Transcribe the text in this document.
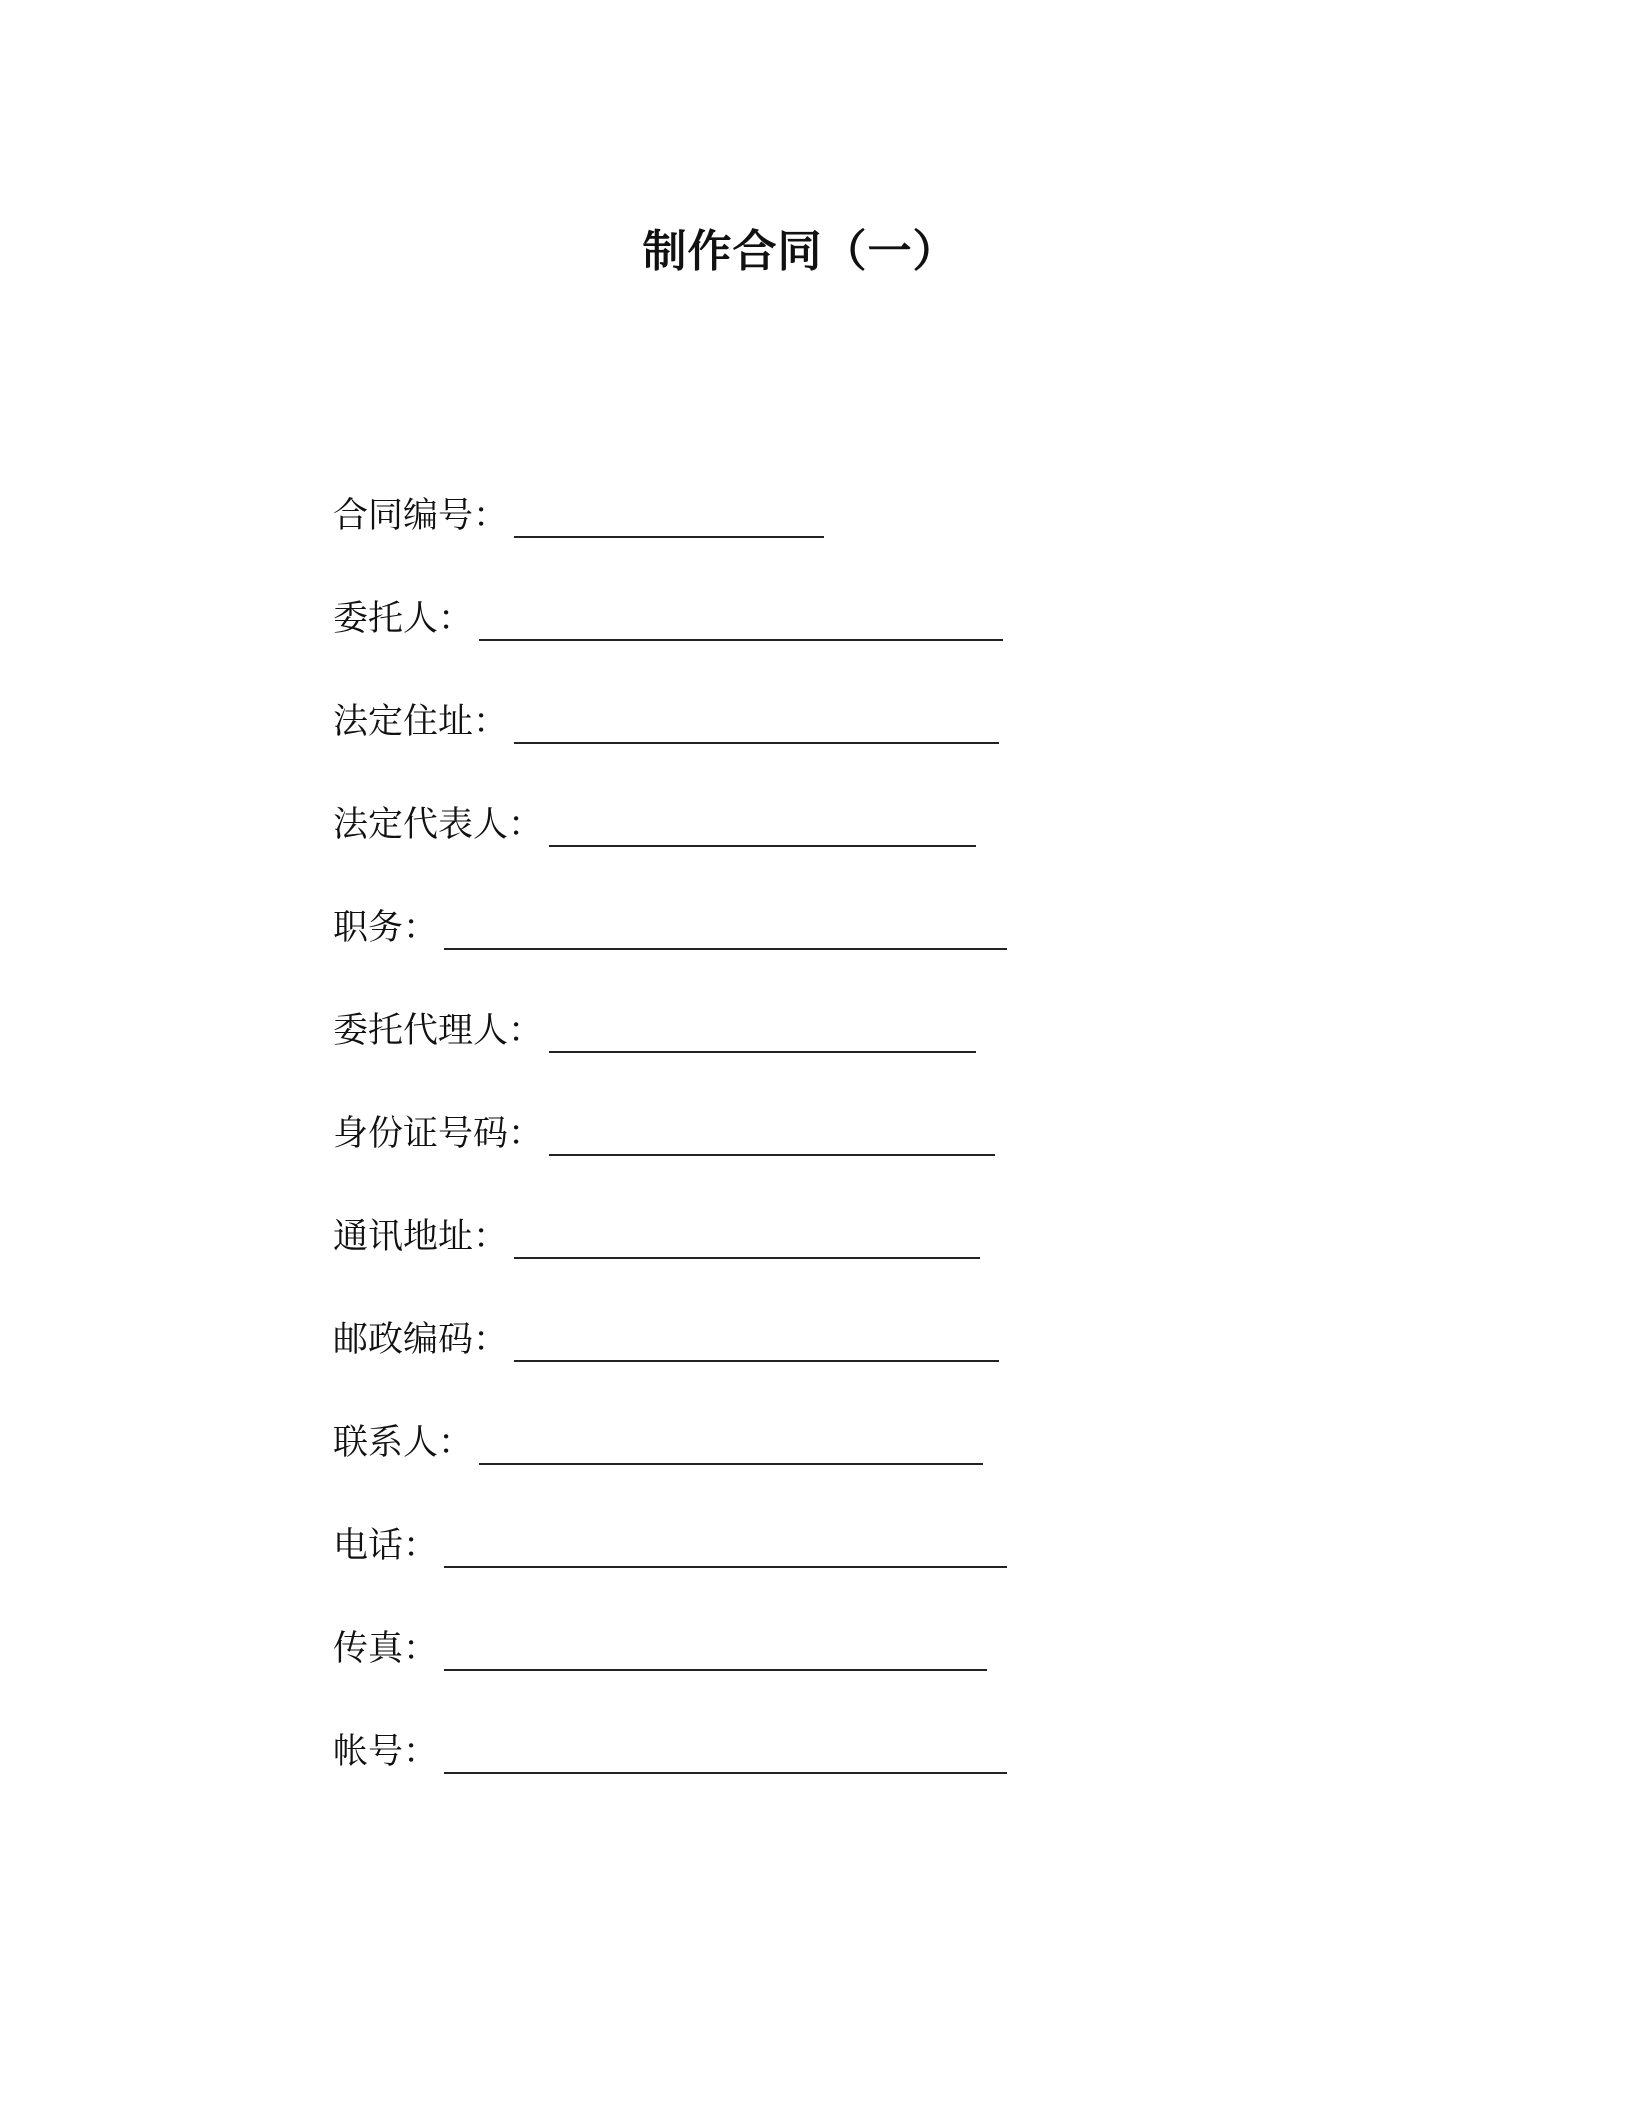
制作合同（一）
合同编号：
委托人：
法定住址：
法定代表人：
职务：
委托代理人：
身份证号码：
通讯地址：
邮政编码：
联系人：
电话：
传真：
帐号：
